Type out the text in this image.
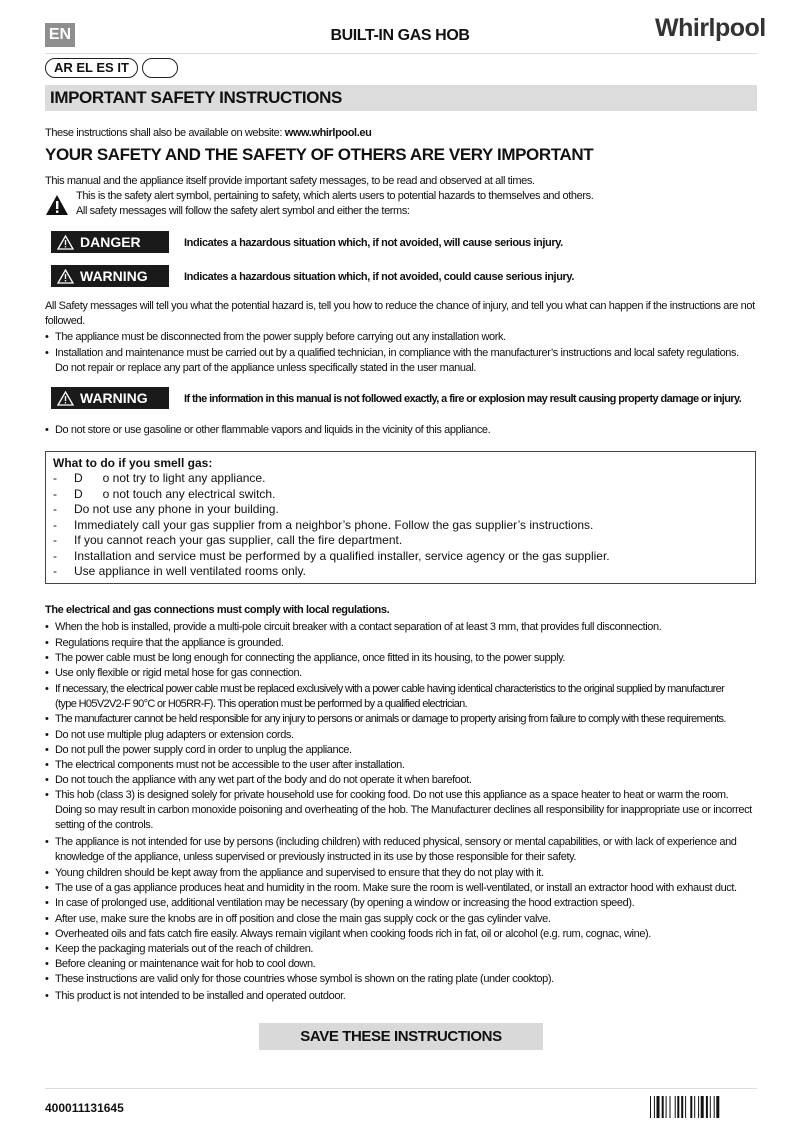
EN	BUILT-IN GAS HOB	Whirlpool
AR EL ES IT
IMPORTANT SAFETY INSTRUCTIONS
These instructions shall also be available on website: www.whirlpool.eu
YOUR SAFETY AND THE SAFETY OF OTHERS ARE VERY IMPORTANT
This manual and the appliance itself provide important safety messages, to be read and observed at all times.
This is the safety alert symbol, pertaining to safety, which alerts users to potential hazards to themselves and others.
All safety messages will follow the safety alert symbol and either the terms:
DANGER	Indicates a hazardous situation which, if not avoided, will cause serious injury.
WARNING	Indicates a hazardous situation which, if not avoided, could cause serious injury.
All Safety messages will tell you what the potential hazard is, tell you how to reduce the chance of injury, and tell you what can happen if the instructions are not followed.
• The appliance must be disconnected from the power supply before carrying out any installation work.
• Installation and maintenance must be carried out by a qualified technician, in compliance with the manufacturer’s instructions and local safety regulations.
Do not repair or replace any part of the appliance unless specifically stated in the user manual.
WARNING	If the information in this manual is not followed exactly, a fire or explosion may result causing property damage or injury.
• Do not store or use gasoline or other flammable vapors and liquids in the vicinity of this appliance.
What to do if you smell gas:
- D      o not try to light any appliance.
- D      o not touch any electrical switch.
- Do not use any phone in your building.
- Immediately call your gas supplier from a neighbor’s phone. Follow the gas supplier’s instructions.
- If you cannot reach your gas supplier, call the fire department.
- Installation and service must be performed by a qualified installer, service agency or the gas supplier.
- Use appliance in well ventilated rooms only.
The electrical and gas connections must comply with local regulations.
• When the hob is installed, provide a multi-pole circuit breaker with a contact separation of at least 3 mm, that provides full disconnection.
• Regulations require that the appliance is grounded.
• The power cable must be long enough for connecting the appliance, once fitted in its housing, to the power supply.
• Use only flexible or rigid metal hose for gas connection.
• If necessary, the electrical power cable must be replaced exclusively with a power cable having identical characteristics to the original supplied by manufacturer
(type H05V2V2-F 90°C or H05RR-F). This operation must be performed by a qualified electrician.
• The manufacturer cannot be held responsible for any injury to persons or animals or damage to property arising from failure to comply with these requirements.
• Do not use multiple plug adapters or extension cords.
• Do not pull the power supply cord in order to unplug the appliance.
• The electrical components must not be accessible to the user after installation.
• Do not touch the appliance with any wet part of the body and do not operate it when barefoot.
• This hob (class 3) is designed solely for private household use for cooking food. Do not use this appliance as a space heater to heat or warm the room.
Doing so may result in carbon monoxide poisoning and overheating of the hob. The Manufacturer declines all responsibility for inappropriate use or incorrect
setting of the controls.
• The appliance is not intended for use by persons (including children) with reduced physical, sensory or mental capabilities, or with lack of experience and
knowledge of the appliance, unless supervised or previously instructed in its use by those responsible for their safety.
• Young children should be kept away from the appliance and supervised to ensure that they do not play with it.
• The use of a gas appliance produces heat and humidity in the room. Make sure the room is well-ventilated, or install an extractor hood with exhaust duct.
• In case of prolonged use, additional ventilation may be necessary (by opening a window or increasing the hood extraction speed).
• After use, make sure the knobs are in off position and close the main gas supply cock or the gas cylinder valve.
• Overheated oils and fats catch fire easily. Always remain vigilant when cooking foods rich in fat, oil or alcohol (e.g. rum, cognac, wine).
• Keep the packaging materials out of the reach of children.
• Before cleaning or maintenance wait for hob to cool down.
• These instructions are valid only for those countries whose symbol is shown on the rating plate (under cooktop).
• This product is not intended to be installed and operated outdoor.
SAVE THESE INSTRUCTIONS
400011131645
